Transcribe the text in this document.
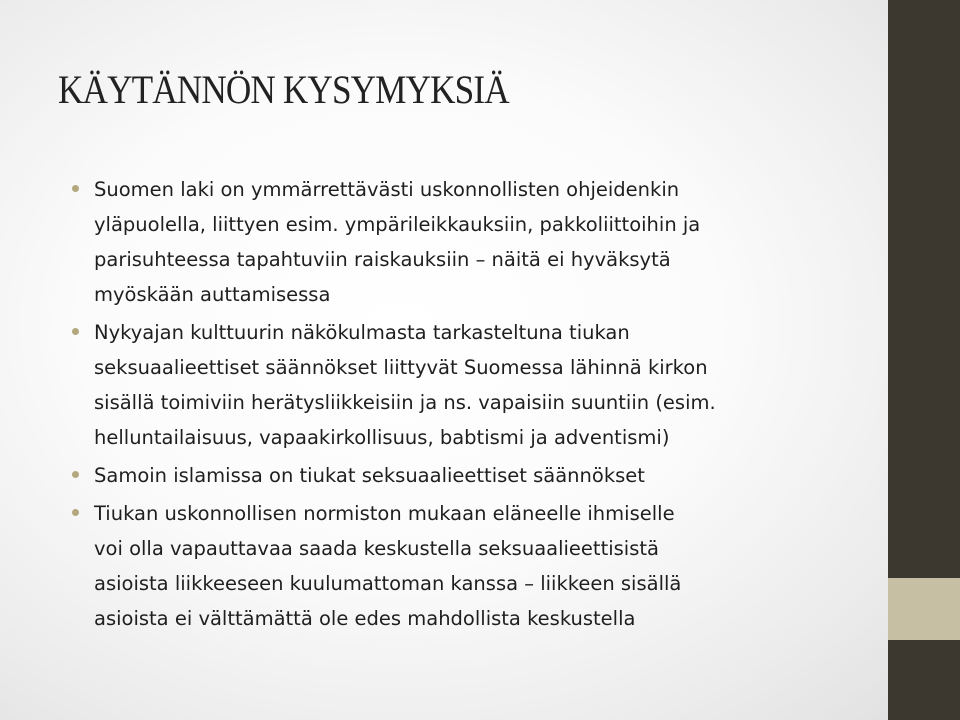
KÄYTÄNNÖN KYSYMYKSIÄ
Suomen laki on ymmärrettävästi uskonnollisten ohjeidenkin
yläpuolella, liittyen esim. ympärileikkauksiin, pakkoliittoihin ja
parisuhteessa tapahtuviin raiskauksiin – näitä ei hyväksytä
myöskään auttamisessa
Nykyajan kulttuurin näkökulmasta tarkasteltuna tiukan
seksuaalieettiset säännökset liittyvät Suomessa lähinnä kirkon
sisällä toimiviin herätysliikkeisiin ja ns. vapaisiin suuntiin (esim.
helluntailaisuus, vapaakirkollisuus, babtismi ja adventismi)
Samoin islamissa on tiukat seksuaalieettiset säännökset
Tiukan uskonnollisen normiston mukaan eläneelle ihmiselle
voi olla vapauttavaa saada keskustella seksuaalieettisistä
asioista liikkeeseen kuulumattoman kanssa – liikkeen sisällä
asioista ei välttämättä ole edes mahdollista keskustella
